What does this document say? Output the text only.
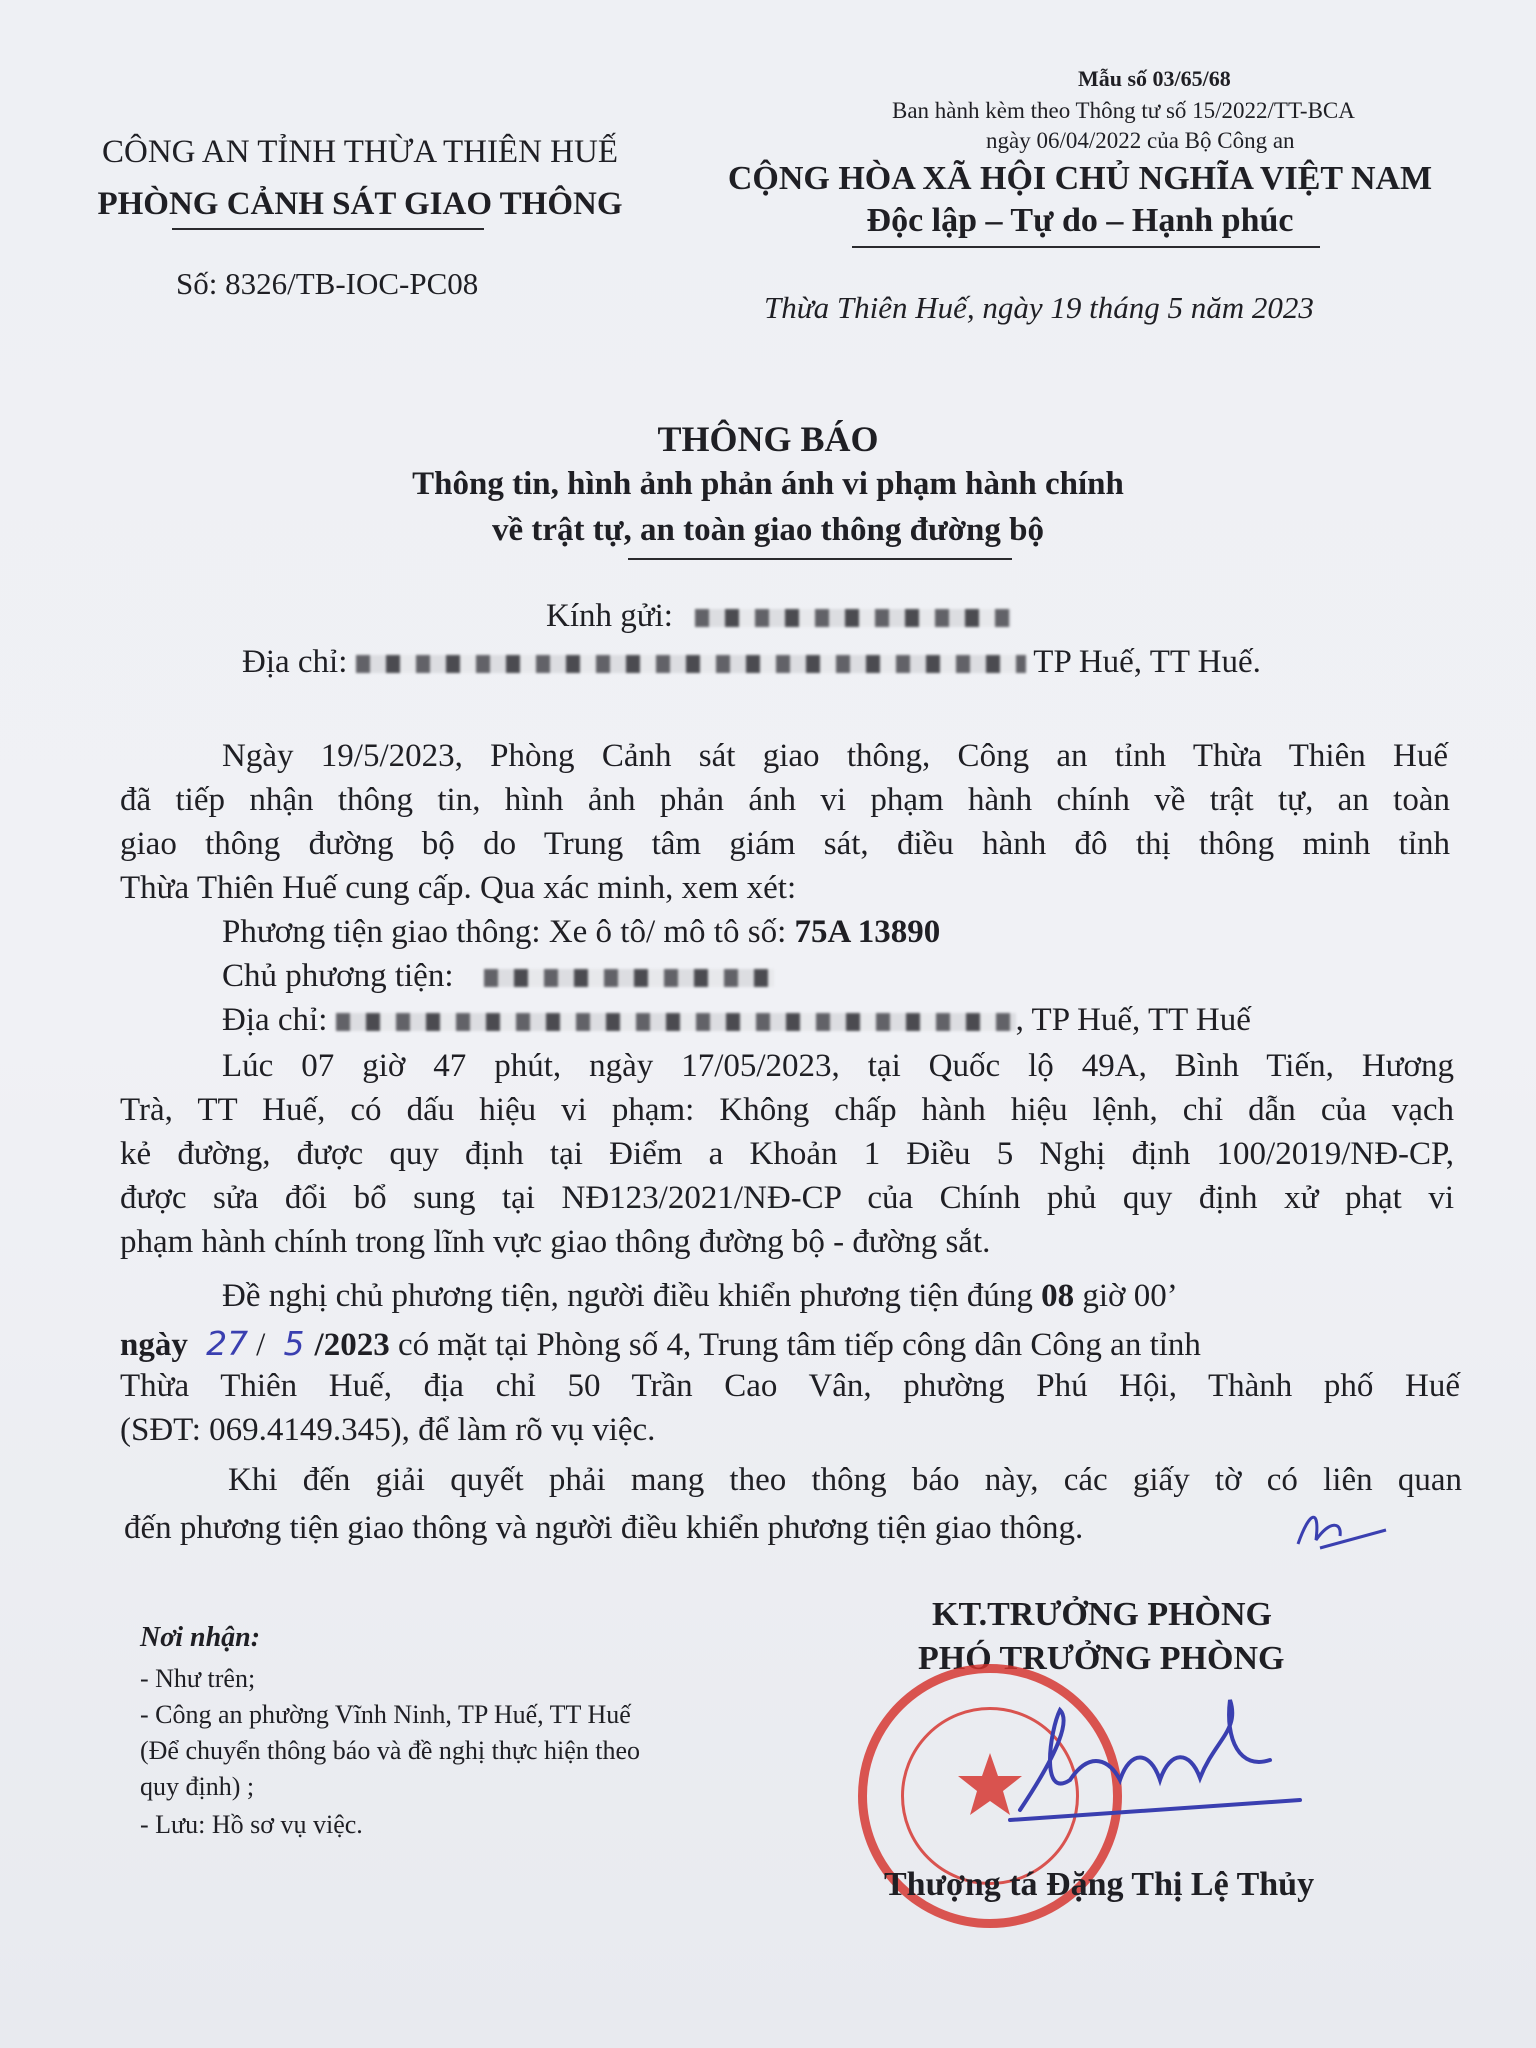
Mẫu số 03/65/68
Ban hành kèm theo Thông tư số 15/2022/TT-BCA
ngày 06/04/2022 của Bộ Công an
CÔNG AN TỈNH THỪA THIÊN HUẾ
PHÒNG CẢNH SÁT GIAO THÔNG
Số: 8326/TB-IOC-PC08
CỘNG HÒA XÃ HỘI CHỦ NGHĨA VIỆT NAM
Độc lập – Tự do – Hạnh phúc
Thừa Thiên Huế, ngày 19 tháng 5 năm 2023
THÔNG BÁO
Thông tin, hình ảnh phản ánh vi phạm hành chính
về trật tự, an toàn giao thông đường bộ
Kính gửi:
Địa chỉ:	TP Huế, TT Huế.
Ngày 19/5/2023, Phòng Cảnh sát giao thông, Công an tỉnh Thừa Thiên Huế
đã tiếp nhận thông tin, hình ảnh phản ánh vi phạm hành chính về trật tự, an toàn
giao thông đường bộ do Trung tâm giám sát, điều hành đô thị thông minh tỉnh
Thừa Thiên Huế cung cấp. Qua xác minh, xem xét:
Phương tiện giao thông: Xe ô tô/ mô tô số: 75A 13890
Chủ phương tiện:
Địa chỉ:	, TP Huế, TT Huế
Lúc 07 giờ 47 phút, ngày 17/05/2023, tại Quốc lộ 49A, Bình Tiến, Hương
Trà, TT Huế, có dấu hiệu vi phạm: Không chấp hành hiệu lệnh, chỉ dẫn của vạch
kẻ đường, được quy định tại Điểm a Khoản 1 Điều 5 Nghị định 100/2019/NĐ-CP,
được sửa đổi bổ sung tại NĐ123/2021/NĐ-CP của Chính phủ quy định xử phạt vi
phạm hành chính trong lĩnh vực giao thông đường bộ - đường sắt.
Đề nghị chủ phương tiện, người điều khiển phương tiện đúng 08 giờ 00’
ngày 27 / 5 /2023 có mặt tại Phòng số 4, Trung tâm tiếp công dân Công an tỉnh
Thừa Thiên Huế, địa chỉ 50 Trần Cao Vân, phường Phú Hội, Thành phố Huế
(SĐT: 069.4149.345), để làm rõ vụ việc.
Khi đến giải quyết phải mang theo thông báo này, các giấy tờ có liên quan
đến phương tiện giao thông và người điều khiển phương tiện giao thông.
Nơi nhận:
- Như trên;
- Công an phường Vĩnh Ninh, TP Huế, TT Huế
(Để chuyển thông báo và đề nghị thực hiện theo
quy định) ;
- Lưu: Hồ sơ vụ việc.
KT.TRƯỞNG PHÒNG
PHÓ TRƯỞNG PHÒNG
Thượng tá Đặng Thị Lệ Thủy
